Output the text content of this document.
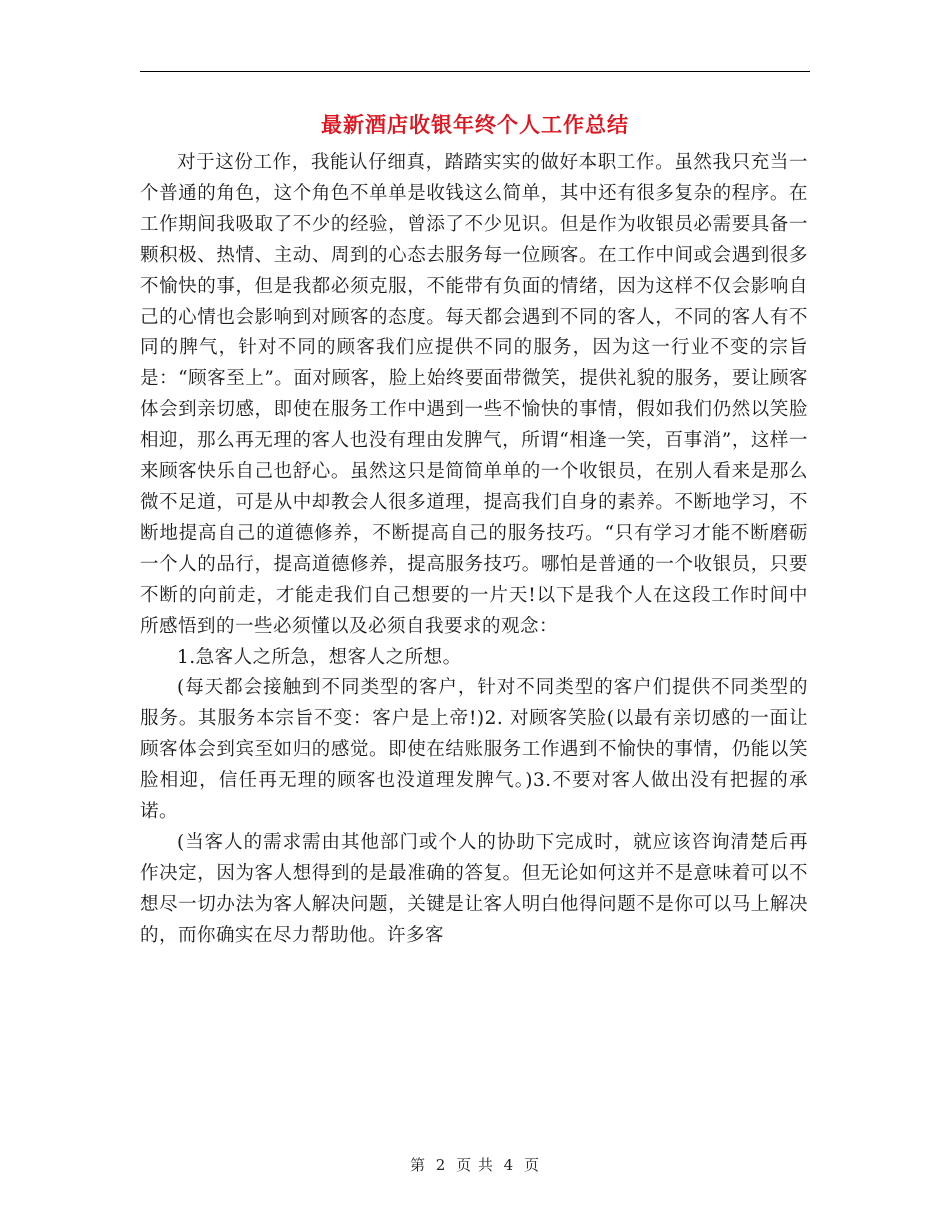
最新酒店收银年终个人工作总结

对于这份工作，我能认仔细真，踏踏实实的做好本职工作。虽然我只充当一个普通的角色，这个角色不单单是收钱这么简单，其中还有很多复杂的程序。在工作期间我吸取了不少的经验，曾添了不少见识。但是作为收银员必需要具备一颗积极、热情、主动、周到的心态去服务每一位顾客。在工作中间或会遇到很多不愉快的事，但是我都必须克服，不能带有负面的情绪，因为这样不仅会影响自己的心情也会影响到对顾客的态度。每天都会遇到不同的客人，不同的客人有不同的脾气，针对不同的顾客我们应提供不同的服务，因为这一行业不变的宗旨是：“顾客至上”。面对顾客，脸上始终要面带微笑，提供礼貌的服务，要让顾客体会到亲切感，即使在服务工作中遇到一些不愉快的事情，假如我们仍然以笑脸相迎，那么再无理的客人也没有理由发脾气，所谓“相逢一笑，百事消”，这样一来顾客快乐自己也舒心。虽然这只是简简单单的一个收银员，在别人看来是那么微不足道，可是从中却教会人很多道理，提高我们自身的素养。不断地学习，不断地提高自己的道德修养，不断提高自己的服务技巧。“只有学习才能不断磨砺一个人的品行，提高道德修养，提高服务技巧。哪怕是普通的一个收银员，只要不断的向前走，才能走我们自己想要的一片天!以下是我个人在这段工作时间中所感悟到的一些必须懂以及必须自我要求的观念：

1.急客人之所急，想客人之所想。

(每天都会接触到不同类型的客户，针对不同类型的客户们提供不同类型的服务。其服务本宗旨不变：客户是上帝!)2. 对顾客笑脸(以最有亲切感的一面让顾客体会到宾至如归的感觉。即使在结账服务工作遇到不愉快的事情，仍能以笑脸相迎，信任再无理的顾客也没道理发脾气。)3.不要对客人做出没有把握的承诺。

(当客人的需求需由其他部门或个人的协助下完成时，就应该咨询清楚后再作决定，因为客人想得到的是最准确的答复。但无论如何这并不是意味着可以不想尽一切办法为客人解决问题，关键是让客人明白他得问题不是你可以马上解决的，而你确实在尽力帮助他。许多客

第 2 页 共 4 页
